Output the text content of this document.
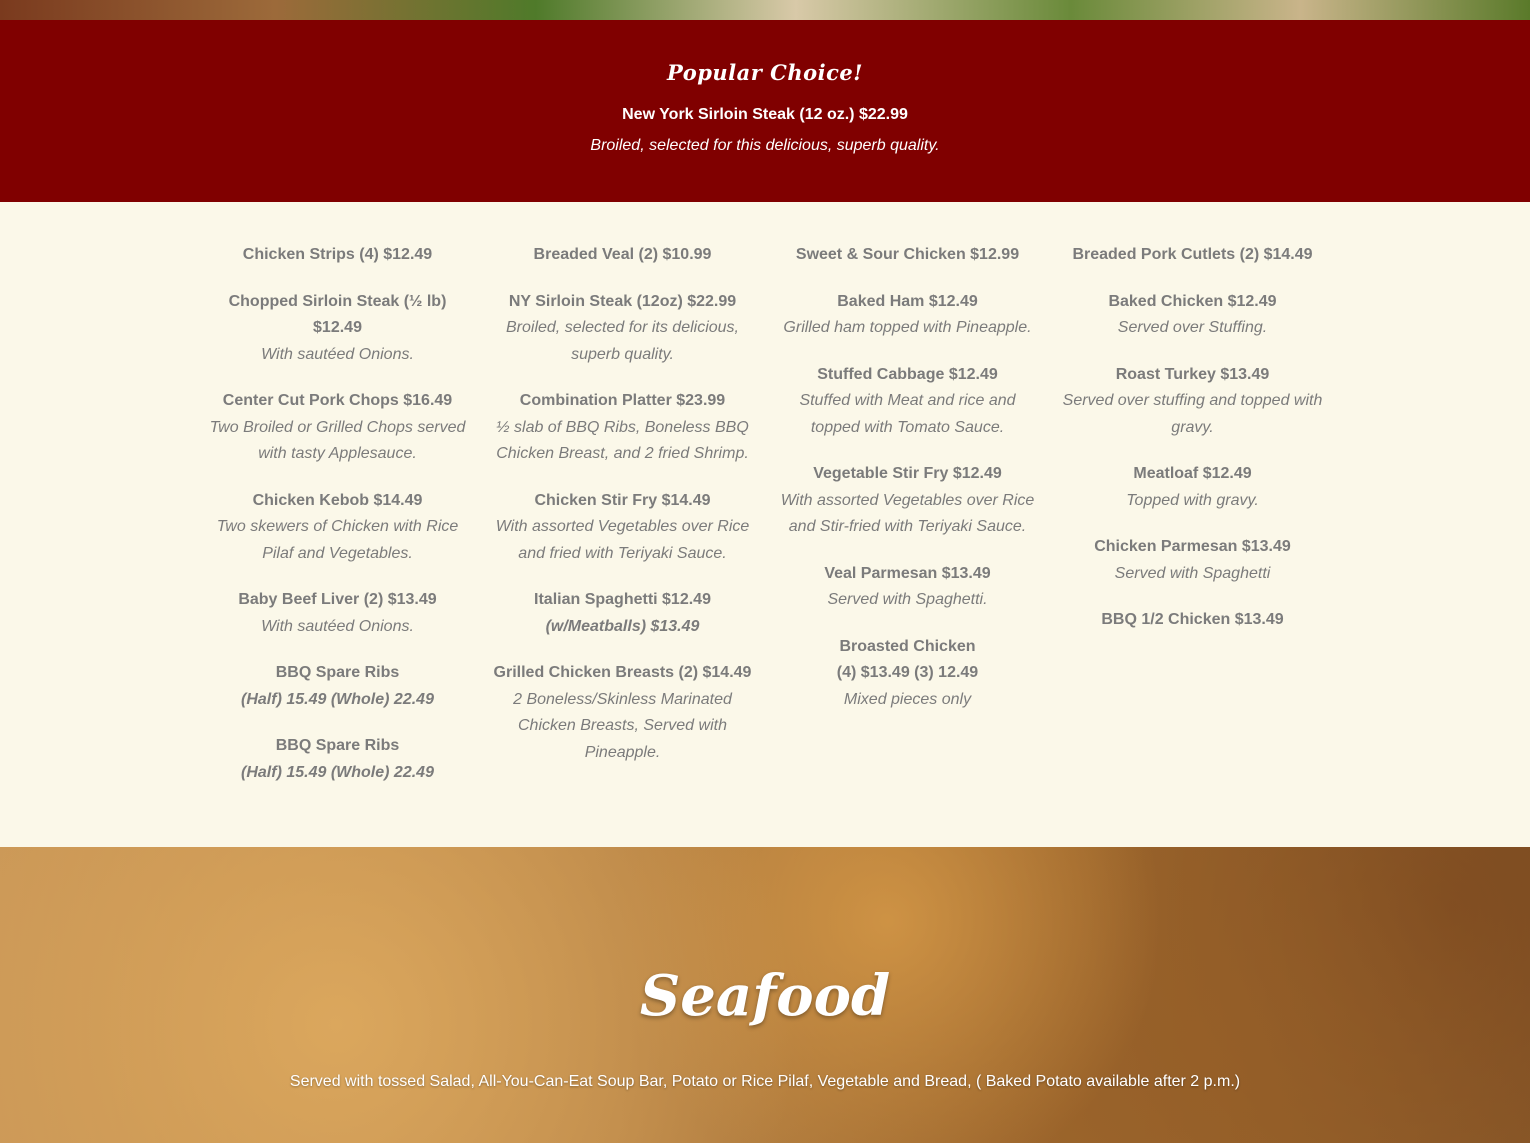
Popular Choice!
New York Sirloin Steak (12 oz.) $22.99
Broiled, selected for this delicious, superb quality.
Chicken Strips (4) $12.49
Chopped Sirloin Steak (½ lb) $12.49
With sautéed Onions.
Center Cut Pork Chops $16.49
Two Broiled or Grilled Chops served with tasty Applesauce.
Chicken Kebob $14.49
Two skewers of Chicken with Rice Pilaf and Vegetables.
Baby Beef Liver (2) $13.49
With sautéed Onions.
BBQ Spare Ribs
(Half) 15.49 (Whole) 22.49
BBQ Spare Ribs
(Half) 15.49 (Whole) 22.49
Breaded Veal (2) $10.99
NY Sirloin Steak (12oz) $22.99
Broiled, selected for its delicious, superb quality.
Combination Platter $23.99
½ slab of BBQ Ribs, Boneless BBQ Chicken Breast, and 2 fried Shrimp.
Chicken Stir Fry $14.49
With assorted Vegetables over Rice and fried with Teriyaki Sauce.
Italian Spaghetti $12.49
(w/Meatballs) $13.49
Grilled Chicken Breasts (2) $14.49
2 Boneless/Skinless Marinated Chicken Breasts, Served with Pineapple.
Sweet & Sour Chicken $12.99
Baked Ham $12.49
Grilled ham topped with Pineapple.
Stuffed Cabbage $12.49
Stuffed with Meat and rice and topped with Tomato Sauce.
Vegetable Stir Fry $12.49
With assorted Vegetables over Rice and Stir-fried with Teriyaki Sauce.
Veal Parmesan $13.49
Served with Spaghetti.
Broasted Chicken
(4) $13.49 (3) 12.49
Mixed pieces only
Breaded Pork Cutlets (2) $14.49
Baked Chicken $12.49
Served over Stuffing.
Roast Turkey $13.49
Served over stuffing and topped with gravy.
Meatloaf $12.49
Topped with gravy.
Chicken Parmesan $13.49
Served with Spaghetti
BBQ 1/2 Chicken $13.49
Seafood
Served with tossed Salad, All-You-Can-Eat Soup Bar, Potato or Rice Pilaf, Vegetable and Bread, ( Baked Potato available after 2 p.m.)
